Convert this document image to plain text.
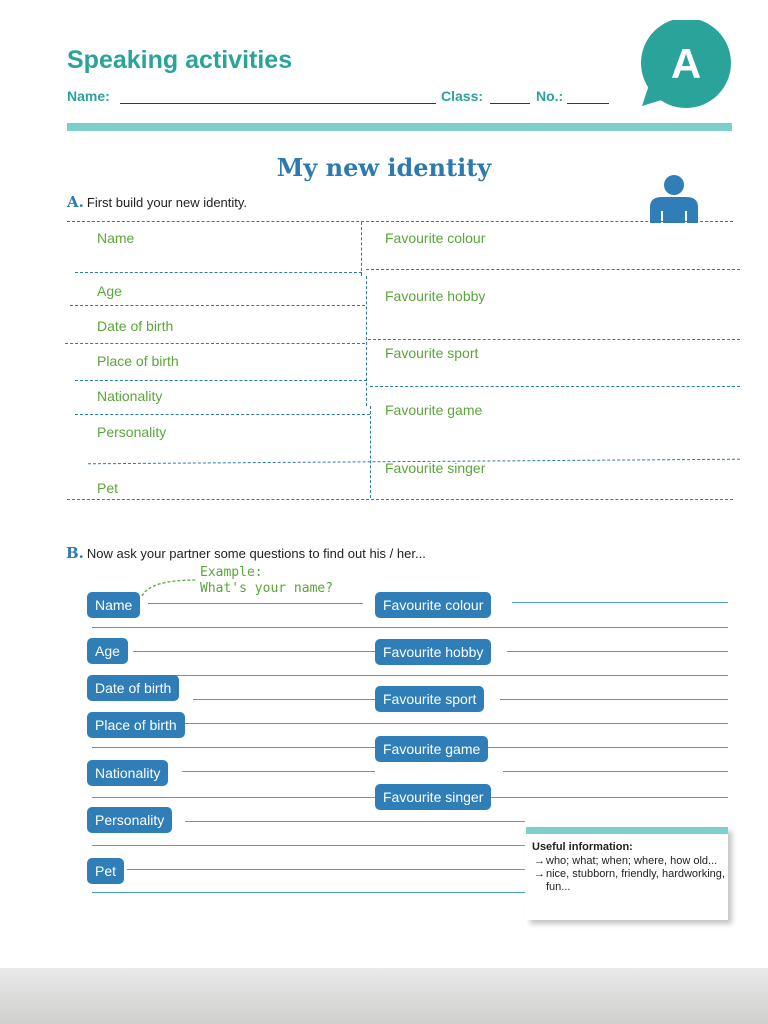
Speaking activities
Name:	Class:	No.:
A
My new identity
A. First build your new identity.
Name
Age
Date of birth
Place of birth
Nationality
Personality
Pet
Favourite colour
Favourite hobby
Favourite sport
Favourite game
Favourite singer
B. Now ask your partner some questions to find out his / her...
Example:
What's your name?
Name
Age
Date of birth
Place of birth
Nationality
Personality
Pet
Favourite colour
Favourite hobby
Favourite sport
Favourite game
Favourite singer
Useful information:
→ who; what; when; where, how old...
→ nice, stubborn, friendly, hardworking, fun...
